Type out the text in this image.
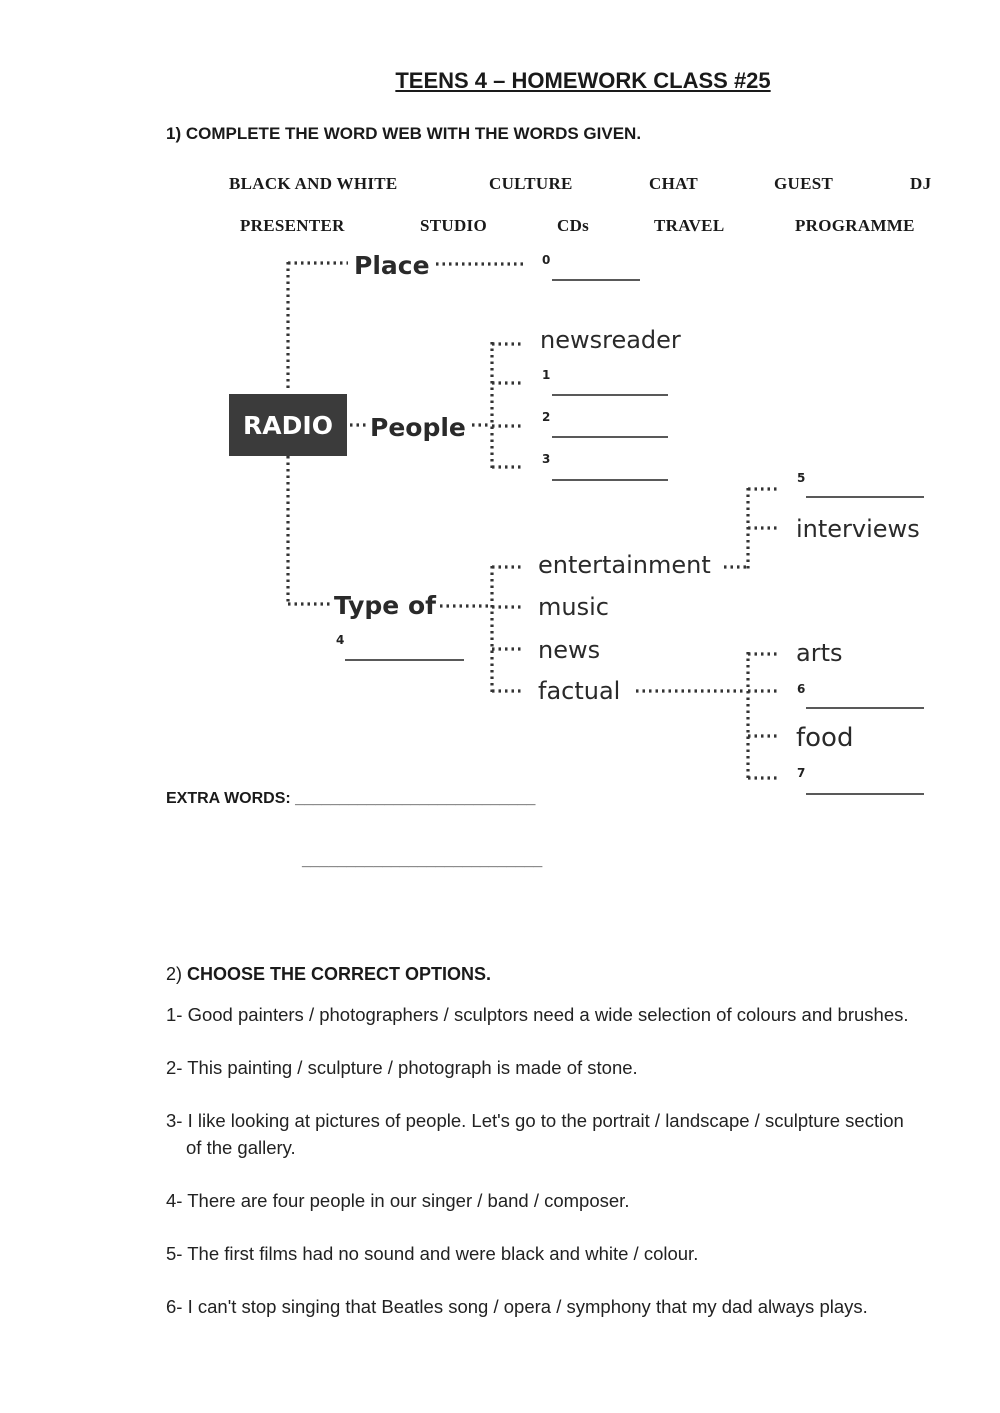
TEENS 4 – HOMEWORK CLASS #25
1) COMPLETE THE WORD WEB WITH THE WORDS GIVEN.
BLACK AND WHITE	CULTURE	CHAT	GUEST	DJ
PRESENTER	STUDIO	CDs	TRAVEL	PROGRAMME
RADIO
Place
People
Type of
newsreader
entertainment
music
news
factual
interviews
arts
food
0
1
2
3
4
5
6
7
EXTRA WORDS: ___________________________
___________________________
2) CHOOSE THE CORRECT OPTIONS.
1- Good painters / photographers / sculptors need a wide selection of colours and brushes.
2- This painting / sculpture / photograph is made of stone.
3- I like looking at pictures of people. Let's go to the portrait / landscape / sculpture section
of the gallery.
4- There are four people in our singer / band / composer.
5- The first films had no sound and were black and white / colour.
6- I can't stop singing that Beatles song / opera / symphony that my dad always plays.
